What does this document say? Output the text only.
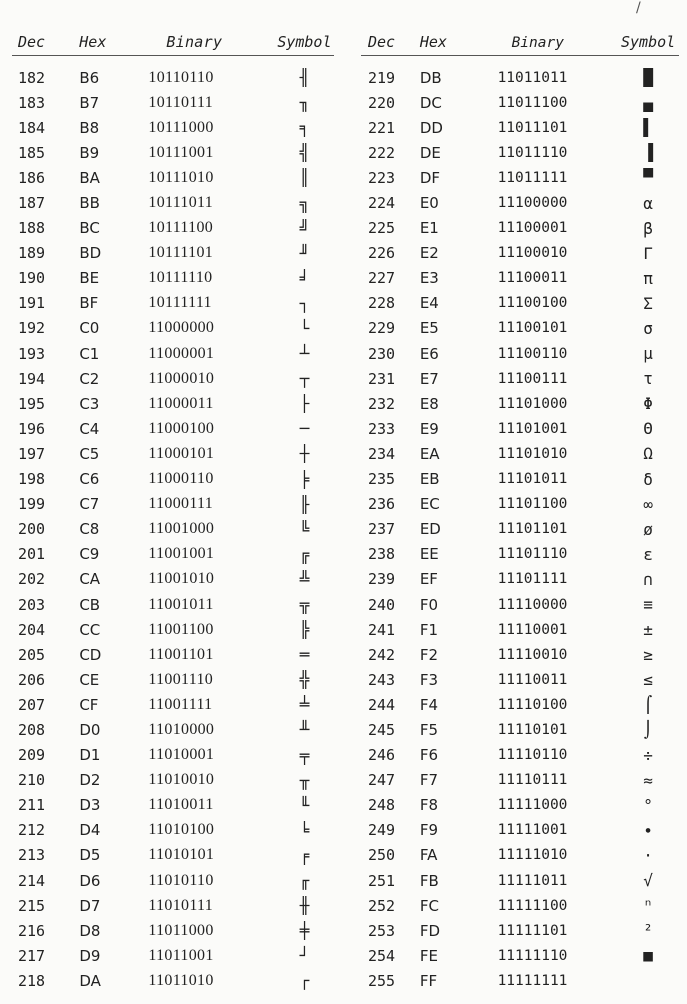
/
Dec	Hex	Binary	Symbol
182	B6	10110110	╢
183	B7	10110111	╖
184	B8	10111000	╕
185	B9	10111001	╣
186	BA	10111010	║
187	BB	10111011	╗
188	BC	10111100	╝
189	BD	10111101	╜
190	BE	10111110	╛
191	BF	10111111	┐
192	C0	11000000	└
193	C1	11000001	┴
194	C2	11000010	┬
195	C3	11000011	├
196	C4	11000100	─
197	C5	11000101	┼
198	C6	11000110	╞
199	C7	11000111	╟
200	C8	11001000	╚
201	C9	11001001	╔
202	CA	11001010	╩
203	CB	11001011	╦
204	CC	11001100	╠
205	CD	11001101	═
206	CE	11001110	╬
207	CF	11001111	╧
208	D0	11010000	╨
209	D1	11010001	╤
210	D2	11010010	╥
211	D3	11010011	╙
212	D4	11010100	╘
213	D5	11010101	╒
214	D6	11010110	╓
215	D7	11010111	╫
216	D8	11011000	╪
217	D9	11011001	┘
218	DA	11011010	┌
Dec	Hex	Binary	Symbol
219	DB	11011011	█
220	DC	11011100	▄
221	DD	11011101	▌
222	DE	11011110	▐
223	DF	11011111	▀
224	E0	11100000	α
225	E1	11100001	β
226	E2	11100010	Γ
227	E3	11100011	π
228	E4	11100100	Σ
229	E5	11100101	σ
230	E6	11100110	μ
231	E7	11100111	τ
232	E8	11101000	Φ
233	E9	11101001	Θ
234	EA	11101010	Ω
235	EB	11101011	δ
236	EC	11101100	∞
237	ED	11101101	ø
238	EE	11101110	ε
239	EF	11101111	∩
240	F0	11110000	≡
241	F1	11110001	±
242	F2	11110010	≥
243	F3	11110011	≤
244	F4	11110100	⌠
245	F5	11110101	⌡
246	F6	11110110	÷
247	F7	11110111	≈
248	F8	11111000	°
249	F9	11111001	∙
250	FA	11111010	·
251	FB	11111011	√
252	FC	11111100	ⁿ
253	FD	11111101	²
254	FE	11111110	■
255	FF	11111111
